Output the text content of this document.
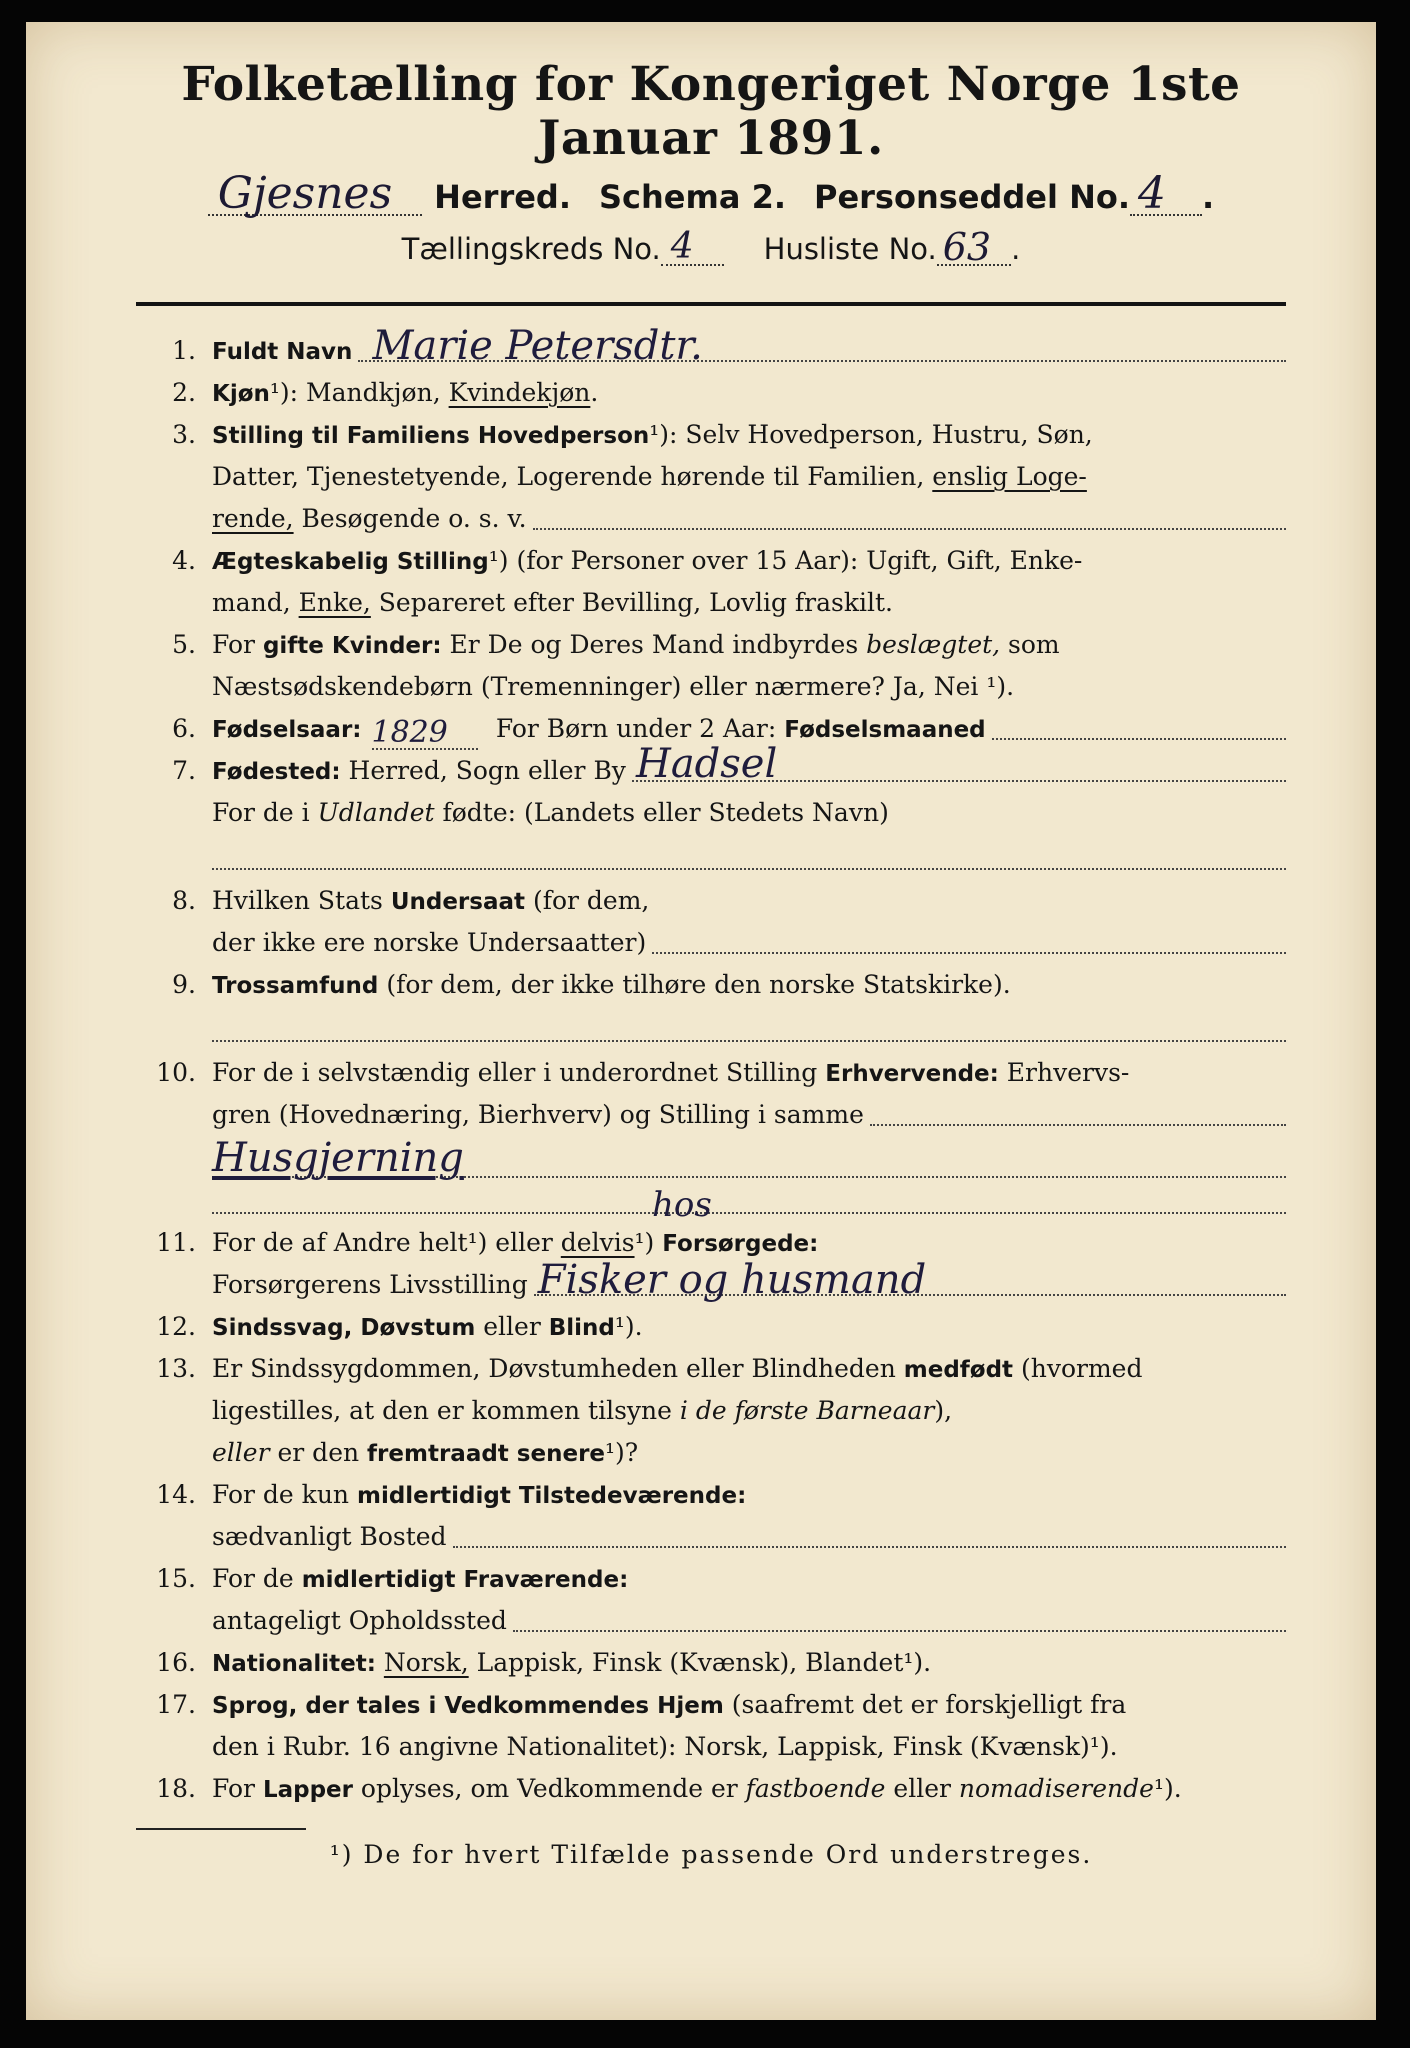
Folketælling for Kongeriget Norge 1ste Januar 1891.
Gjesnes	Herred. Schema 2. Personseddel No. 4	.
Tællingskreds No. 4	Husliste No. 63 .
1. Fuldt Navn Marie Petersdtr.
2. Kjøn¹): Mandkjøn, Kvindekjøn.
3. Stilling til Familiens Hovedperson¹): Selv Hovedperson, Hustru, Søn,
Datter, Tjenestetyende, Logerende hørende til Familien, enslig Loge-
rende, Besøgende o. s. v.
4. Ægteskabelig Stilling¹) (for Personer over 15 Aar): Ugift, Gift, Enke-
mand, Enke, Separeret efter Bevilling, Lovlig fraskilt.
5. For gifte Kvinder: Er De og Deres Mand indbyrdes beslægtet, som
Næstsødskendebørn (Tremenninger) eller nærmere? Ja, Nei ¹).
6. Fødselsaar: 1829	For Børn under 2 Aar: Fødselsmaaned
7. Fødested: Herred, Sogn eller By Hadsel
For de i Udlandet fødte: (Landets eller Stedets Navn)
8. Hvilken Stats Undersaat (for dem,
der ikke ere norske Undersaatter)
9. Trossamfund (for dem, der ikke tilhøre den norske Statskirke).
10. For de i selvstændig eller i underordnet Stilling Erhvervende: Erhvervs-
gren (Hovednæring, Bierhverv) og Stilling i samme
Husgjerning
hos
11. For de af Andre helt¹) eller delvis¹) Forsørgede:
Forsørgerens Livsstilling Fisker og husmand
12. Sindssvag, Døvstum eller Blind¹).
13. Er Sindssygdommen, Døvstumheden eller Blindheden medfødt (hvormed
ligestilles, at den er kommen tilsyne i de første Barneaar),
eller er den fremtraadt senere¹)?
14. For de kun midlertidigt Tilstedeværende:
sædvanligt Bosted
15. For de midlertidigt Fraværende:
antageligt Opholdssted
16. Nationalitet: Norsk, Lappisk, Finsk (Kvænsk), Blandet¹).
17. Sprog, der tales i Vedkommendes Hjem (saafremt det er forskjelligt fra
den i Rubr. 16 angivne Nationalitet): Norsk, Lappisk, Finsk (Kvænsk)¹).
18. For Lapper oplyses, om Vedkommende er fastboende eller nomadiserende¹).
¹) De for hvert Tilfælde passende Ord understreges.
